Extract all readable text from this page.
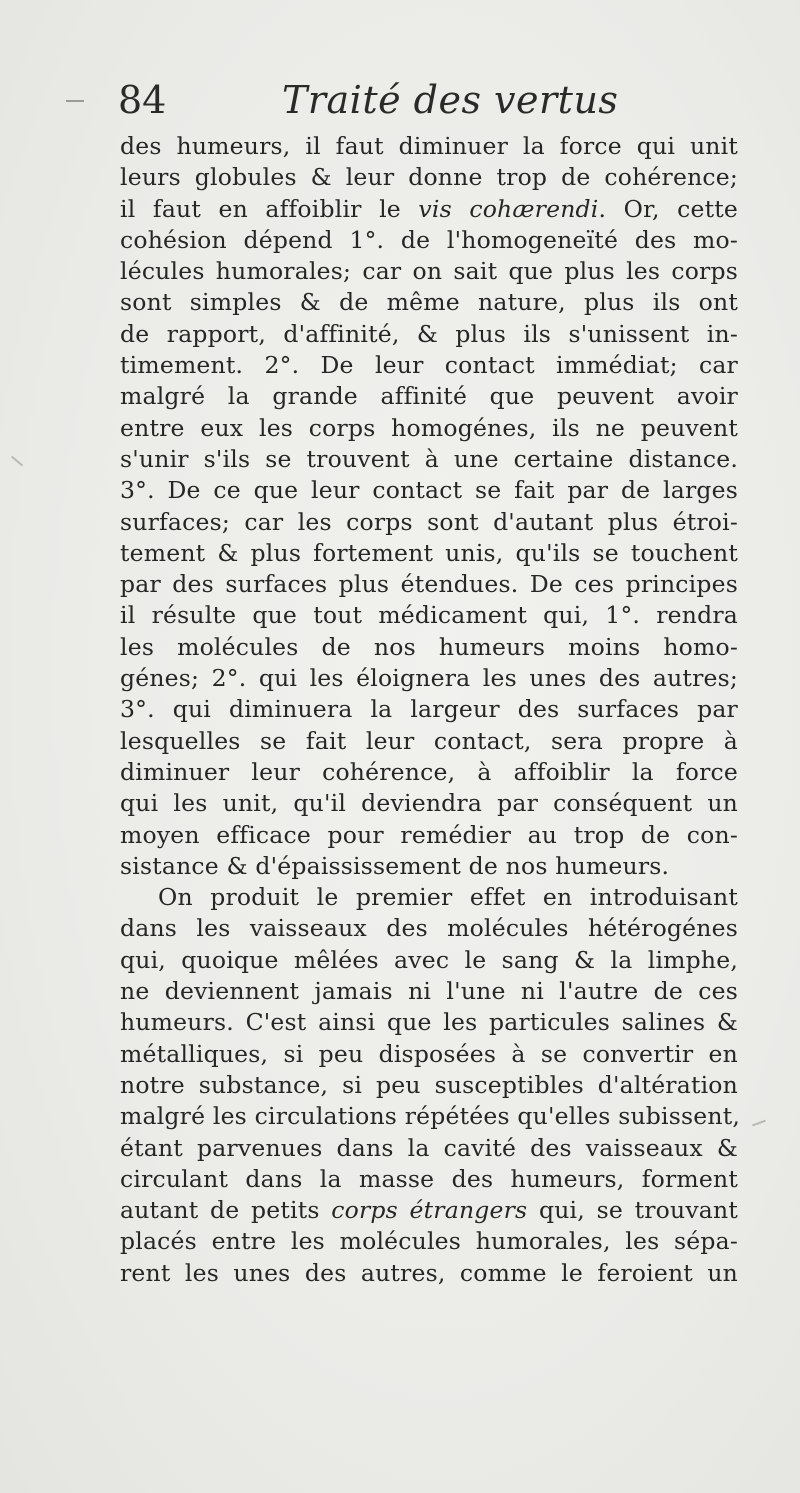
84	Traité des vertus
des humeurs, il faut diminuer la force qui unit
leurs globules & leur donne trop de cohérence;
il faut en affoiblir le vis cohærendi. Or, cette
cohésion dépend 1°. de l'homogeneïté des mo-
lécules humorales; car on sait que plus les corps
sont simples & de même nature, plus ils ont
de rapport, d'affinité, & plus ils s'unissent in-
timement. 2°. De leur contact immédiat; car
malgré la grande affinité que peuvent avoir
entre eux les corps homogénes, ils ne peuvent
s'unir s'ils se trouvent à une certaine distance.
3°. De ce que leur contact se fait par de larges
surfaces; car les corps sont d'autant plus étroi-
tement & plus fortement unis, qu'ils se touchent
par des surfaces plus étendues. De ces principes
il résulte que tout médicament qui, 1°. rendra
les molécules de nos humeurs moins homo-
génes; 2°. qui les éloignera les unes des autres;
3°. qui diminuera la largeur des surfaces par
lesquelles se fait leur contact, sera propre à
diminuer leur cohérence, à affoiblir la force
qui les unit, qu'il deviendra par conséquent un
moyen efficace pour remédier au trop de con-
sistance & d'épaississement de nos humeurs.
On produit le premier effet en introduisant
dans les vaisseaux des molécules hétérogénes
qui, quoique mêlées avec le sang & la limphe,
ne deviennent jamais ni l'une ni l'autre de ces
humeurs. C'est ainsi que les particules salines &
métalliques, si peu disposées à se convertir en
notre substance, si peu susceptibles d'altération
malgré les circulations répétées qu'elles subissent,
étant parvenues dans la cavité des vaisseaux &
circulant dans la masse des humeurs, forment
autant de petits corps étrangers qui, se trouvant
placés entre les molécules humorales, les sépa-
rent les unes des autres, comme le feroient un
